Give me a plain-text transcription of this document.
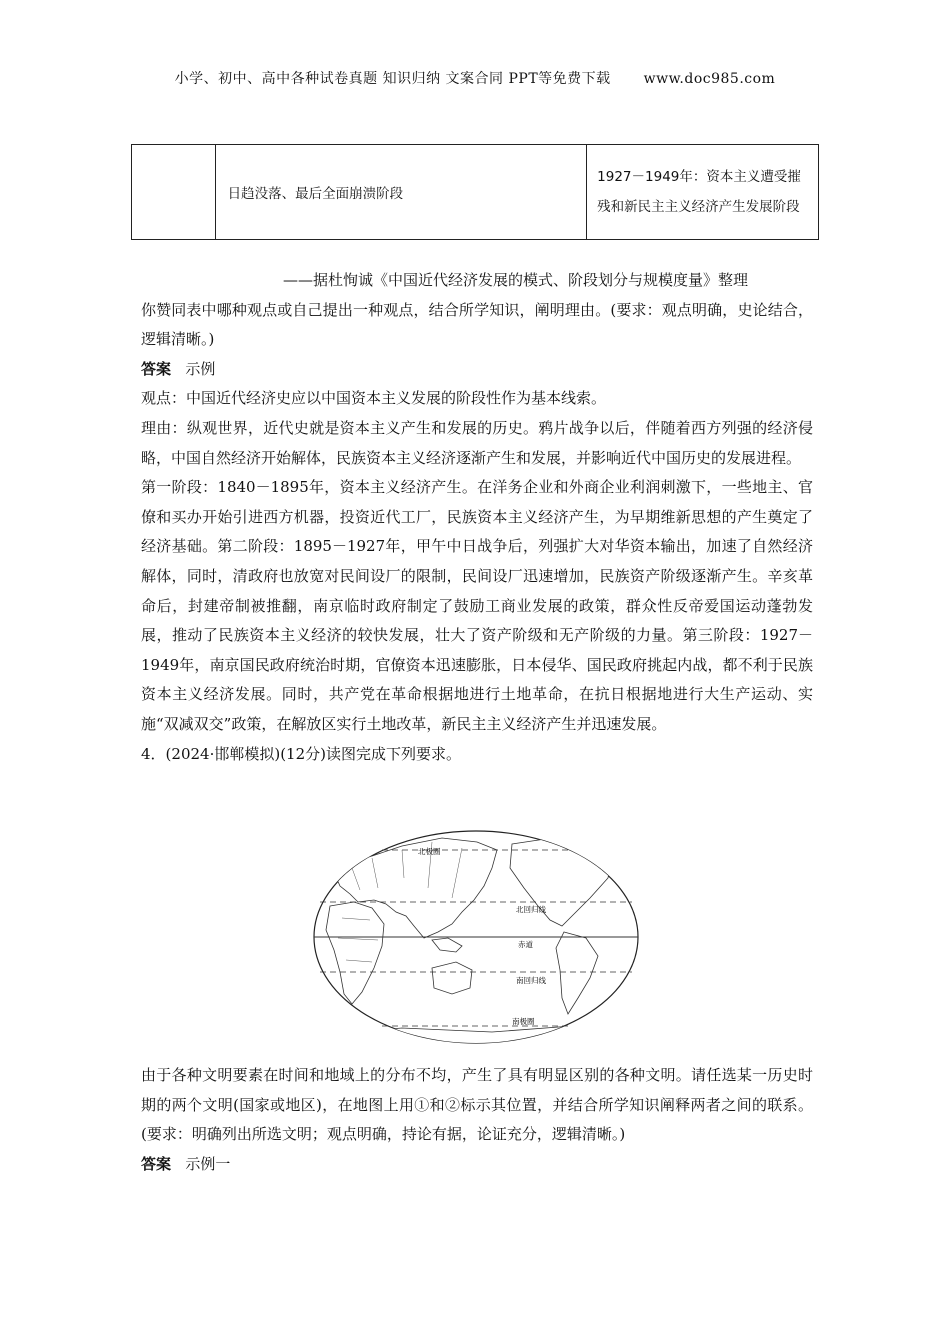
小学、初中、高中各种试卷真题 知识归纳 文案合同 PPT等免费下载 www.doc985.com
	日趋没落、最后全面崩溃阶段	1927－1949年：资本主义遭受摧残和新民主主义经济产生发展阶段

——据杜恂诚《中国近代经济发展的模式、阶段划分与规模度量》整理

你赞同表中哪种观点或自己提出一种观点，结合所学知识，阐明理由。(要求：观点明确，史论结合，逻辑清晰。)

答案 示例

观点：中国近代经济史应以中国资本主义发展的阶段性作为基本线索。

理由：纵观世界，近代史就是资本主义产生和发展的历史。鸦片战争以后，伴随着西方列强的经济侵略，中国自然经济开始解体，民族资本主义经济逐渐产生和发展，并影响近代中国历史的发展进程。

第一阶段：1840－1895年，资本主义经济产生。在洋务企业和外商企业利润刺激下，一些地主、官僚和买办开始引进西方机器，投资近代工厂，民族资本主义经济产生，为早期维新思想的产生奠定了经济基础。第二阶段：1895－1927年，甲午中日战争后，列强扩大对华资本输出，加速了自然经济解体，同时，清政府也放宽对民间设厂的限制，民间设厂迅速增加，民族资产阶级逐渐产生。辛亥革命后，封建帝制被推翻，南京临时政府制定了鼓励工商业发展的政策，群众性反帝爱国运动蓬勃发展，推动了民族资本主义经济的较快发展，壮大了资产阶级和无产阶级的力量。第三阶段：1927－1949年，南京国民政府统治时期，官僚资本迅速膨胀，日本侵华、国民政府挑起内战，都不利于民族资本主义经济发展。同时，共产党在革命根据地进行土地革命，在抗日根据地进行大生产运动、实施“双减双交”政策，在解放区实行土地改革，新民主主义经济产生并迅速发展。

4．(2024·邯郸模拟)(12分)读图完成下列要求。

北极圈
北回归线
赤道
南回归线
南极圈

由于各种文明要素在时间和地域上的分布不均，产生了具有明显区别的各种文明。请任选某一历史时期的两个文明(国家或地区)，在地图上用①和②标示其位置，并结合所学知识阐释两者之间的联系。(要求：明确列出所选文明；观点明确，持论有据，论证充分，逻辑清晰。)

答案 示例一
